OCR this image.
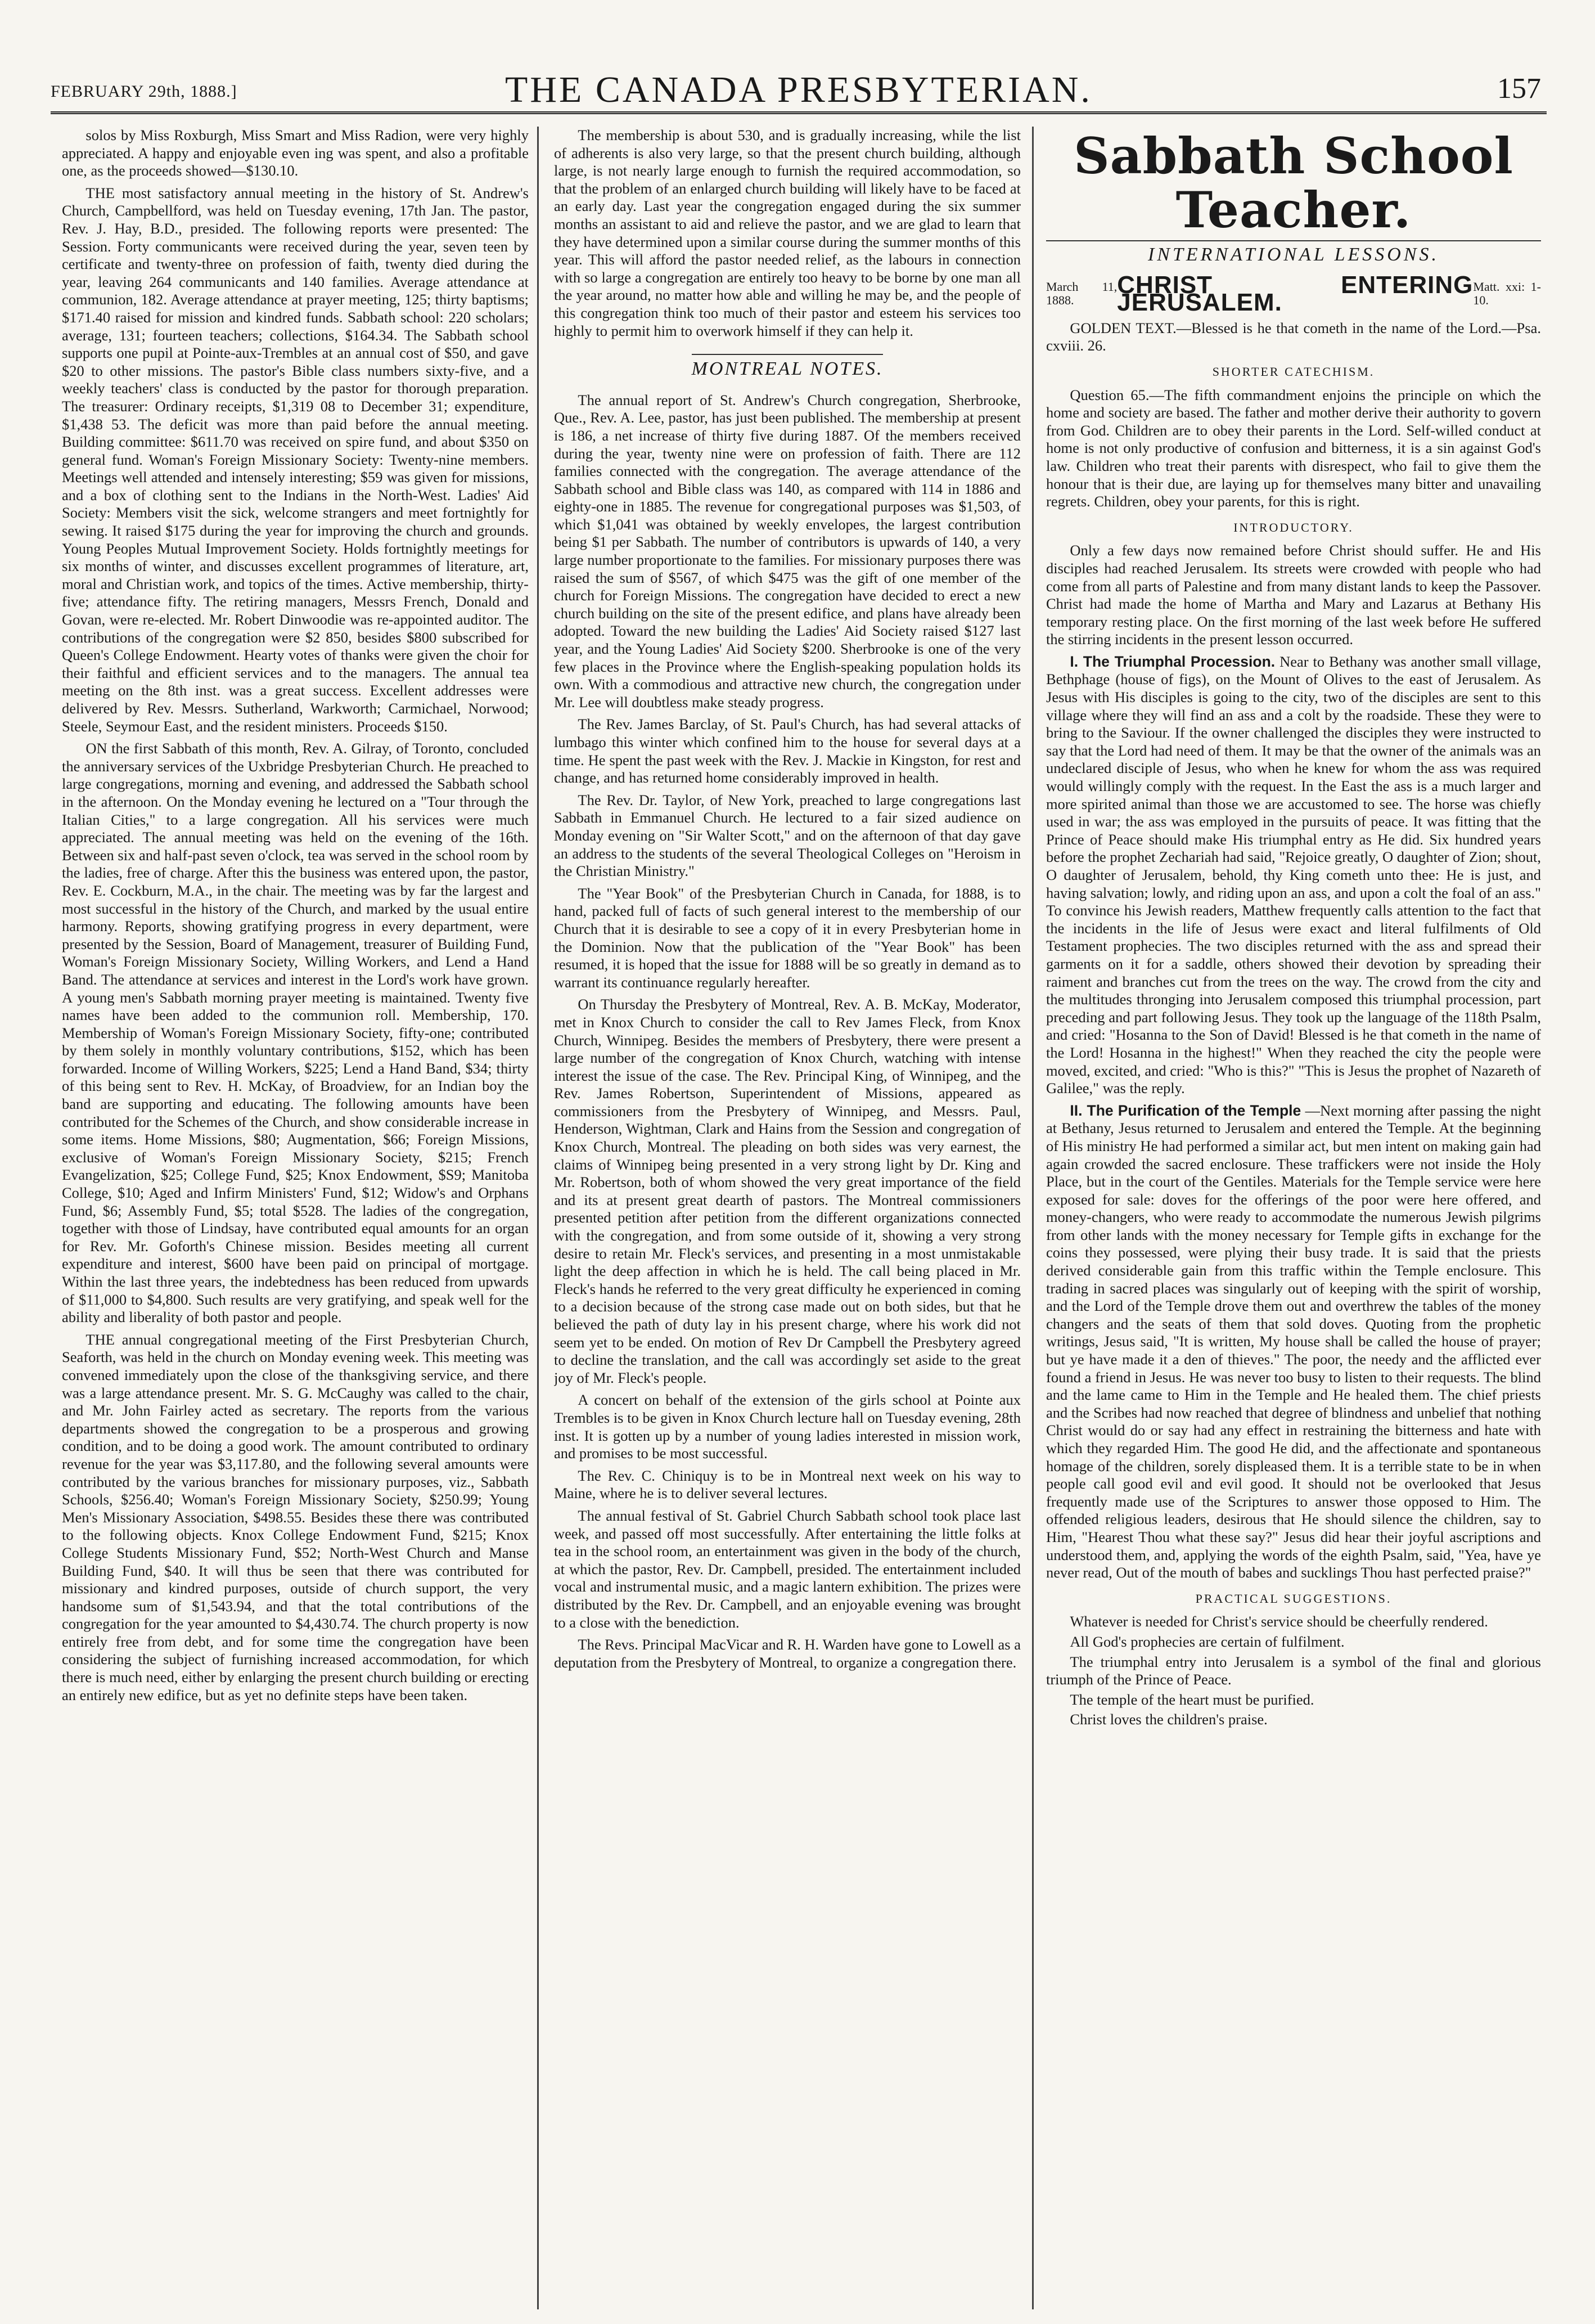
FEBRUARY 29th, 1888.]	THE CANADA PRESBYTERIAN.	157

solos by Miss Roxburgh, Miss Smart and Miss Radion, were very highly appreciated. A happy and enjoyable even ing was spent, and also a profitable one, as the proceeds showed—$130.10.

THE most satisfactory annual meeting in the history of St. Andrew's Church, Campbellford, was held on Tuesday evening, 17th Jan. The pastor, Rev. J. Hay, B.D., presided. The following reports were presented: The Session. Forty communicants were received during the year, seven teen by certificate and twenty-three on profession of faith, twenty died during the year, leaving 264 communicants and 140 families. Average attendance at communion, 182. Average attendance at prayer meeting, 125; thirty baptisms; $171.40 raised for mission and kindred funds. Sabbath school: 220 scholars; average, 131; fourteen teachers; collections, $164.34. The Sabbath school supports one pupil at Pointe-aux-Trembles at an annual cost of $50, and gave $20 to other missions. The pastor's Bible class numbers sixty-five, and a weekly teachers' class is conducted by the pastor for thorough preparation. The treasurer: Ordinary receipts, $1,319 08 to December 31; expenditure, $1,438 53. The deficit was more than paid before the annual meeting. Building committee: $611.70 was received on spire fund, and about $350 on general fund. Woman's Foreign Missionary Society: Twenty-nine members. Meetings well attended and intensely interesting; $59 was given for missions, and a box of clothing sent to the Indians in the North-West. Ladies' Aid Society: Members visit the sick, welcome strangers and meet fortnightly for sewing. It raised $175 during the year for improving the church and grounds. Young Peoples Mutual Improvement Society. Holds fortnightly meetings for six months of winter, and discusses excellent programmes of literature, art, moral and Christian work, and topics of the times. Active membership, thirty-five; attendance fifty. The retiring managers, Messrs French, Donald and Govan, were re-elected. Mr. Robert Dinwoodie was re-appointed auditor. The contributions of the congregation were $2 850, besides $800 subscribed for Queen's College Endowment. Hearty votes of thanks were given the choir for their faithful and efficient services and to the managers. The annual tea meeting on the 8th inst. was a great success. Excellent addresses were delivered by Rev. Messrs. Sutherland, Warkworth; Carmichael, Norwood; Steele, Seymour East, and the resident ministers. Proceeds $150.

ON the first Sabbath of this month, Rev. A. Gilray, of Toronto, concluded the anniversary services of the Uxbridge Presbyterian Church. He preached to large congregations, morning and evening, and addressed the Sabbath school in the afternoon. On the Monday evening he lectured on a "Tour through the Italian Cities," to a large congregation. All his services were much appreciated. The annual meeting was held on the evening of the 16th. Between six and half-past seven o'clock, tea was served in the school room by the ladies, free of charge. After this the business was entered upon, the pastor, Rev. E. Cockburn, M.A., in the chair. The meeting was by far the largest and most successful in the history of the Church, and marked by the usual entire harmony. Reports, showing gratifying progress in every department, were presented by the Session, Board of Management, treasurer of Building Fund, Woman's Foreign Missionary Society, Willing Workers, and Lend a Hand Band. The attendance at services and interest in the Lord's work have grown. A young men's Sabbath morning prayer meeting is maintained. Twenty five names have been added to the communion roll. Membership, 170. Membership of Woman's Foreign Missionary Society, fifty-one; contributed by them solely in monthly voluntary contributions, $152, which has been forwarded. Income of Willing Workers, $225; Lend a Hand Band, $34; thirty of this being sent to Rev. H. McKay, of Broadview, for an Indian boy the band are supporting and educating. The following amounts have been contributed for the Schemes of the Church, and show considerable increase in some items. Home Missions, $80; Augmentation, $66; Foreign Missions, exclusive of Woman's Foreign Missionary Society, $215; French Evangelization, $25; College Fund, $25; Knox Endowment, $S9; Manitoba College, $10; Aged and Infirm Ministers' Fund, $12; Widow's and Orphans Fund, $6; Assembly Fund, $5; total $528. The ladies of the congregation, together with those of Lindsay, have contributed equal amounts for an organ for Rev. Mr. Goforth's Chinese mission. Besides meeting all current expenditure and interest, $600 have been paid on principal of mortgage. Within the last three years, the indebtedness has been reduced from upwards of $11,000 to $4,800. Such results are very gratifying, and speak well for the ability and liberality of both pastor and people.

THE annual congregational meeting of the First Presbyterian Church, Seaforth, was held in the church on Monday evening week. This meeting was convened immediately upon the close of the thanksgiving service, and there was a large attendance present. Mr. S. G. McCaughy was called to the chair, and Mr. John Fairley acted as secretary. The reports from the various departments showed the congregation to be a prosperous and growing condition, and to be doing a good work. The amount contributed to ordinary revenue for the year was $3,117.80, and the following several amounts were contributed by the various branches for missionary purposes, viz., Sabbath Schools, $256.40; Woman's Foreign Missionary Society, $250.99; Young Men's Missionary Association, $498.55. Besides these there was contributed to the following objects. Knox College Endowment Fund, $215; Knox College Students Missionary Fund, $52; North-West Church and Manse Building Fund, $40. It will thus be seen that there was contributed for missionary and kindred purposes, outside of church support, the very handsome sum of $1,543.94, and that the total contributions of the congregation for the year amounted to $4,430.74. The church property is now entirely free from debt, and for some time the congregation have been considering the subject of furnishing increased accommodation, for which there is much need, either by enlarging the present church building or erecting an entirely new edifice, but as yet no definite steps have been taken.

The membership is about 530, and is gradually increasing, while the list of adherents is also very large, so that the present church building, although large, is not nearly large enough to furnish the required accommodation, so that the problem of an enlarged church building will likely have to be faced at an early day. Last year the congregation engaged during the six summer months an assistant to aid and relieve the pastor, and we are glad to learn that they have determined upon a similar course during the summer months of this year. This will afford the pastor needed relief, as the labours in connection with so large a congregation are entirely too heavy to be borne by one man all the year around, no matter how able and willing he may be, and the people of this congregation think too much of their pastor and esteem his services too highly to permit him to overwork himself if they can help it.

MONTREAL NOTES.

The annual report of St. Andrew's Church congregation, Sherbrooke, Que., Rev. A. Lee, pastor, has just been published. The membership at present is 186, a net increase of thirty five during 1887. Of the members received during the year, twenty nine were on profession of faith. There are 112 families connected with the congregation. The average attendance of the Sabbath school and Bible class was 140, as compared with 114 in 1886 and eighty-one in 1885. The revenue for congregational purposes was $1,503, of which $1,041 was obtained by weekly envelopes, the largest contribution being $1 per Sabbath. The number of contributors is upwards of 140, a very large number proportionate to the families. For missionary purposes there was raised the sum of $567, of which $475 was the gift of one member of the church for Foreign Missions. The congregation have decided to erect a new church building on the site of the present edifice, and plans have already been adopted. Toward the new building the Ladies' Aid Society raised $127 last year, and the Young Ladies' Aid Society $200. Sherbrooke is one of the very few places in the Province where the English-speaking population holds its own. With a commodious and attractive new church, the congregation under Mr. Lee will doubtless make steady progress.

The Rev. James Barclay, of St. Paul's Church, has had several attacks of lumbago this winter which confined him to the house for several days at a time. He spent the past week with the Rev. J. Mackie in Kingston, for rest and change, and has returned home considerably improved in health.

The Rev. Dr. Taylor, of New York, preached to large congregations last Sabbath in Emmanuel Church. He lectured to a fair sized audience on Monday evening on "Sir Walter Scott," and on the afternoon of that day gave an address to the students of the several Theological Colleges on "Heroism in the Christian Ministry."

The "Year Book" of the Presbyterian Church in Canada, for 1888, is to hand, packed full of facts of such general interest to the membership of our Church that it is desirable to see a copy of it in every Presbyterian home in the Dominion. Now that the publication of the "Year Book" has been resumed, it is hoped that the issue for 1888 will be so greatly in demand as to warrant its continuance regularly hereafter.

On Thursday the Presbytery of Montreal, Rev. A. B. McKay, Moderator, met in Knox Church to consider the call to Rev James Fleck, from Knox Church, Winnipeg. Besides the members of Presbytery, there were present a large number of the congregation of Knox Church, watching with intense interest the issue of the case. The Rev. Principal King, of Winnipeg, and the Rev. James Robertson, Superintendent of Missions, appeared as commissioners from the Presbytery of Winnipeg, and Messrs. Paul, Henderson, Wightman, Clark and Hains from the Session and congregation of Knox Church, Montreal. The pleading on both sides was very earnest, the claims of Winnipeg being presented in a very strong light by Dr. King and Mr. Robertson, both of whom showed the very great importance of the field and its at present great dearth of pastors. The Montreal commissioners presented petition after petition from the different organizations connected with the congregation, and from some outside of it, showing a very strong desire to retain Mr. Fleck's services, and presenting in a most unmistakable light the deep affection in which he is held. The call being placed in Mr. Fleck's hands he referred to the very great difficulty he experienced in coming to a decision because of the strong case made out on both sides, but that he believed the path of duty lay in his present charge, where his work did not seem yet to be ended. On motion of Rev Dr Campbell the Presbytery agreed to decline the translation, and the call was accordingly set aside to the great joy of Mr. Fleck's people.

A concert on behalf of the extension of the girls school at Pointe aux Trembles is to be given in Knox Church lecture hall on Tuesday evening, 28th inst. It is gotten up by a number of young ladies interested in mission work, and promises to be most successful.

The Rev. C. Chiniquy is to be in Montreal next week on his way to Maine, where he is to deliver several lectures.

The annual festival of St. Gabriel Church Sabbath school took place last week, and passed off most successfully. After entertaining the little folks at tea in the school room, an entertainment was given in the body of the church, at which the pastor, Rev. Dr. Campbell, presided. The entertainment included vocal and instrumental music, and a magic lantern exhibition. The prizes were distributed by the Rev. Dr. Campbell, and an enjoyable evening was brought to a close with the benediction.

The Revs. Principal MacVicar and R. H. Warden have gone to Lowell as a deputation from the Presbytery of Montreal, to organize a congregation there.

Sabbath School Teacher.
INTERNATIONAL LESSONS.
March 11, 1888.
CHRIST ENTERING JERUSALEM.
Matt. xxi: 1-10.

GOLDEN TEXT.—Blessed is he that cometh in the name of the Lord.—Psa. cxviii. 26.

SHORTER CATECHISM.

Question 65.—The fifth commandment enjoins the principle on which the home and society are based. The father and mother derive their authority to govern from God. Children are to obey their parents in the Lord. Self-willed conduct at home is not only productive of confusion and bitterness, it is a sin against God's law. Children who treat their parents with disrespect, who fail to give them the honour that is their due, are laying up for themselves many bitter and unavailing regrets. Children, obey your parents, for this is right.

INTRODUCTORY.

Only a few days now remained before Christ should suffer. He and His disciples had reached Jerusalem. Its streets were crowded with people who had come from all parts of Palestine and from many distant lands to keep the Passover. Christ had made the home of Martha and Mary and Lazarus at Bethany His temporary resting place. On the first morning of the last week before He suffered the stirring incidents in the present lesson occurred.

I. The Triumphal Procession. Near to Bethany was another small village, Bethphage (house of figs), on the Mount of Olives to the east of Jerusalem. As Jesus with His disciples is going to the city, two of the disciples are sent to this village where they will find an ass and a colt by the roadside. These they were to bring to the Saviour. If the owner challenged the disciples they were instructed to say that the Lord had need of them. It may be that the owner of the animals was an undeclared disciple of Jesus, who when he knew for whom the ass was required would willingly comply with the request. In the East the ass is a much larger and more spirited animal than those we are accustomed to see. The horse was chiefly used in war; the ass was employed in the pursuits of peace. It was fitting that the Prince of Peace should make His triumphal entry as He did. Six hundred years before the prophet Zechariah had said, "Rejoice greatly, O daughter of Zion; shout, O daughter of Jerusalem, behold, thy King cometh unto thee: He is just, and having salvation; lowly, and riding upon an ass, and upon a colt the foal of an ass." To convince his Jewish readers, Matthew frequently calls attention to the fact that the incidents in the life of Jesus were exact and literal fulfilments of Old Testament prophecies. The two disciples returned with the ass and spread their garments on it for a saddle, others showed their devotion by spreading their raiment and branches cut from the trees on the way. The crowd from the city and the multitudes thronging into Jerusalem composed this triumphal procession, part preceding and part following Jesus. They took up the language of the 118th Psalm, and cried: "Hosanna to the Son of David! Blessed is he that cometh in the name of the Lord! Hosanna in the highest!" When they reached the city the people were moved, excited, and cried: "Who is this?" "This is Jesus the prophet of Nazareth of Galilee," was the reply.

II. The Purification of the Temple —Next morning after passing the night at Bethany, Jesus returned to Jerusalem and entered the Temple. At the beginning of His ministry He had performed a similar act, but men intent on making gain had again crowded the sacred enclosure. These traffickers were not inside the Holy Place, but in the court of the Gentiles. Materials for the Temple service were here exposed for sale: doves for the offerings of the poor were here offered, and money-changers, who were ready to accommodate the numerous Jewish pilgrims from other lands with the money necessary for Temple gifts in exchange for the coins they possessed, were plying their busy trade. It is said that the priests derived considerable gain from this traffic within the Temple enclosure. This trading in sacred places was singularly out of keeping with the spirit of worship, and the Lord of the Temple drove them out and overthrew the tables of the money changers and the seats of them that sold doves. Quoting from the prophetic writings, Jesus said, "It is written, My house shall be called the house of prayer; but ye have made it a den of thieves." The poor, the needy and the afflicted ever found a friend in Jesus. He was never too busy to listen to their requests. The blind and the lame came to Him in the Temple and He healed them. The chief priests and the Scribes had now reached that degree of blindness and unbelief that nothing Christ would do or say had any effect in restraining the bitterness and hate with which they regarded Him. The good He did, and the affectionate and spontaneous homage of the children, sorely displeased them. It is a terrible state to be in when people call good evil and evil good. It should not be overlooked that Jesus frequently made use of the Scriptures to answer those opposed to Him. The offended religious leaders, desirous that He should silence the children, say to Him, "Hearest Thou what these say?" Jesus did hear their joyful ascriptions and understood them, and, applying the words of the eighth Psalm, said, "Yea, have ye never read, Out of the mouth of babes and sucklings Thou hast perfected praise?"

PRACTICAL SUGGESTIONS.

Whatever is needed for Christ's service should be cheerfully rendered.

All God's prophecies are certain of fulfilment.

The triumphal entry into Jerusalem is a symbol of the final and glorious triumph of the Prince of Peace.

The temple of the heart must be purified.

Christ loves the children's praise.
